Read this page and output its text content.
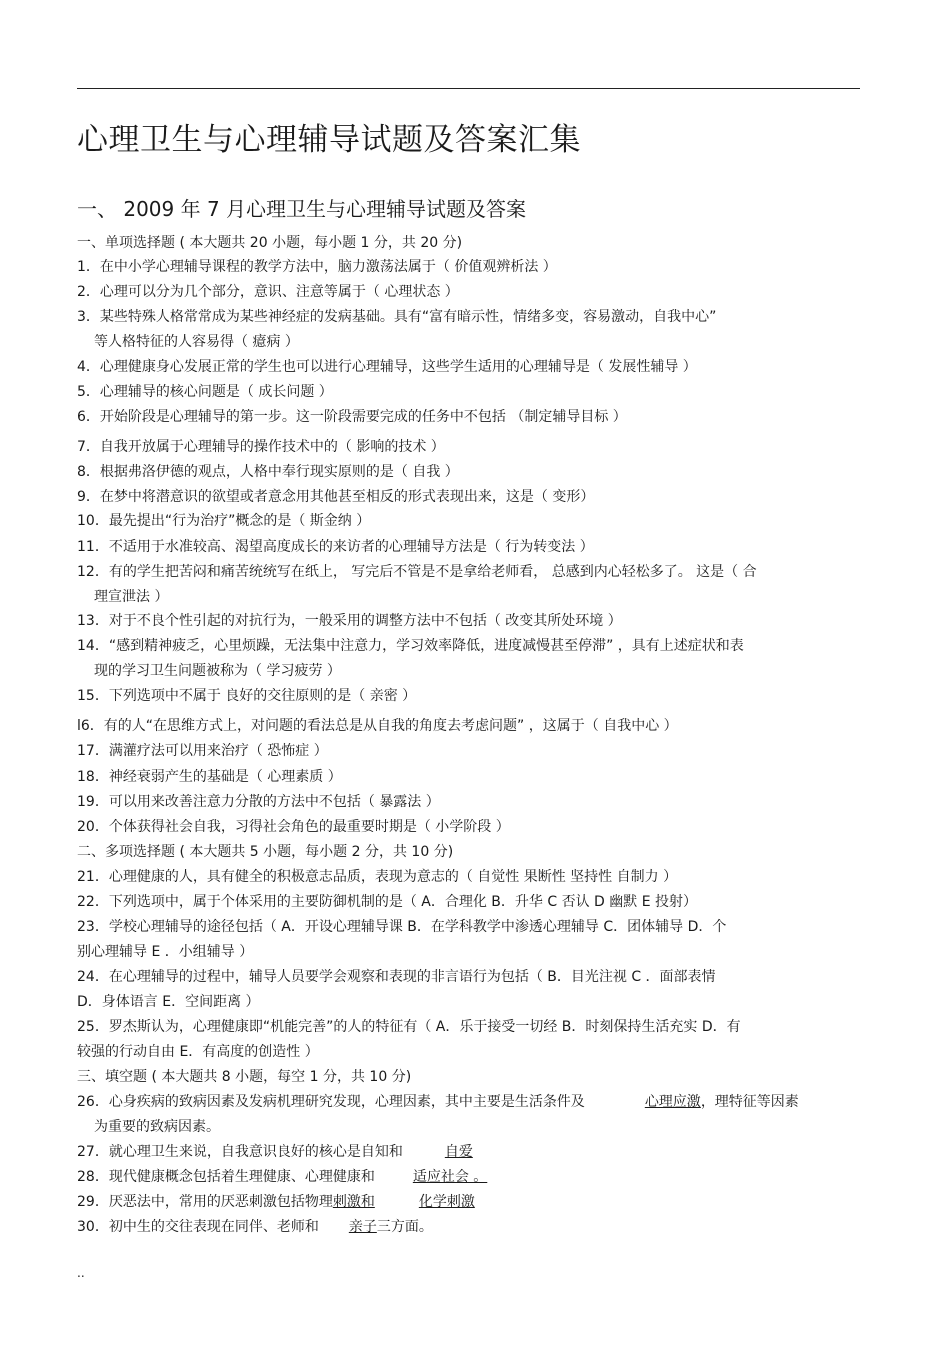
心理卫生与心理辅导试题及答案汇集
一、 2009 年 7 月心理卫生与心理辅导试题及答案
一、单项选择题 ( 本大题共 20 小题，每小题 1 分，共 20 分)
1．在中小学心理辅导课程的教学方法中，脑力激荡法属于（ 价值观辨析法 ）
2．心理可以分为几个部分，意识、注意等属于（ 心理状态 ）
3．某些特殊人格常常成为某些神经症的发病基础。具有“富有暗示性，情绪多变，容易激动，自我中心”
等人格特征的人容易得（ 癔病 ）
4．心理健康身心发展正常的学生也可以进行心理辅导，这些学生适用的心理辅导是（ 发展性辅导 ）
5．心理辅导的核心问题是（ 成长问题 ）
6．开始阶段是心理辅导的第一步。这一阶段需要完成的任务中不包括 （制定辅导目标 ）
7．自我开放属于心理辅导的操作技术中的（ 影响的技术 ）
8．根据弗洛伊德的观点，人格中奉行现实原则的是（ 自我 ）
9．在梦中将潜意识的欲望或者意念用其他甚至相反的形式表现出来，这是（ 变形）
10．最先提出“行为治疗”概念的是（ 斯金纳 ）
11．不适用于水准较高、渴望高度成长的来访者的心理辅导方法是（ 行为转变法 ）
12．有的学生把苦闷和痛苦统统写在纸上， 写完后不管是不是拿给老师看， 总感到内心轻松多了。 这是（ 合
理宣泄法 ）
13．对于不良个性引起的对抗行为，一般采用的调整方法中不包括（ 改变其所处环境 ）
14．“感到精神疲乏，心里烦躁，无法集中注意力，学习效率降低，进度减慢甚至停滞” ，具有上述症状和表
现的学习卫生问题被称为（ 学习疲劳 ）
15．下列选项中不属于 良好的交往原则的是（ 亲密 ）
l6．有的人“在思维方式上，对问题的看法总是从自我的角度去考虑问题” ，这属于（ 自我中心 ）
17．满灌疗法可以用来治疗（ 恐怖症 ）
18．神经衰弱产生的基础是（ 心理素质 ）
19．可以用来改善注意力分散的方法中不包括（ 暴露法 ）
20．个体获得社会自我，习得社会角色的最重要时期是（ 小学阶段 ）
二、多项选择题 ( 本大题共 5 小题，每小题 2 分，共 10 分)
21．心理健康的人，具有健全的积极意志品质，表现为意志的（ 自觉性 果断性 坚持性 自制力 ）
22．下列选项中，属于个体采用的主要防御机制的是（ A．合理化 B．升华 C 否认 D 幽默 E 投射）
23．学校心理辅导的途径包括（ A．开设心理辅导课 B．在学科教学中渗透心理辅导 C．团体辅导 D．个
别心理辅导 E ．小组辅导 ）
24．在心理辅导的过程中，辅导人员要学会观察和表现的非言语行为包括（ B．目光注视 C ．面部表情
D．身体语言 E．空间距离 ）
25．罗杰斯认为，心理健康即“机能完善”的人的特征有（ A．乐于接受一切经 B．时刻保持生活充实 D．有
较强的行动自由 E．有高度的创造性 ）
三、填空题 ( 本大题共 8 小题，每空 1 分，共 10 分)
26．心身疾病的致病因素及发病机理研究发现，心理因素，其中主要是生活条件及	心理应激，理特征等因素
为重要的致病因素。
27．就心理卫生来说，自我意识良好的核心是自知和	自爱
28．现代健康概念包括着生理健康、心理健康和	适应社会 。
29．厌恶法中，常用的厌恶刺激包括物理刺激和	化学刺激
30．初中生的交往表现在同伴、老师和 亲子三方面。
..
